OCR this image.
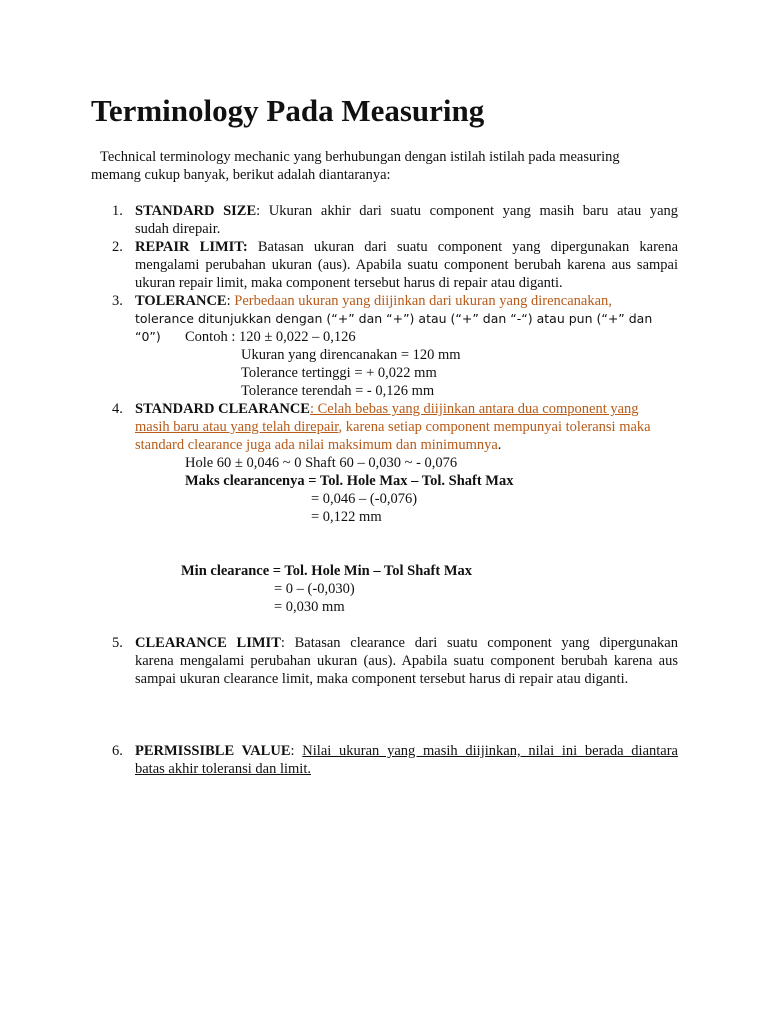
Terminology Pada Measuring

Technical terminology mechanic yang berhubungan dengan istilah istilah pada measuring

memang cukup banyak, berikut adalah diantaranya:

1. STANDARD SIZE: Ukuran akhir dari suatu component yang masih baru atau yang

sudah direpair.

2. REPAIR LIMIT: Batasan ukuran dari suatu component yang dipergunakan karena

mengalami perubahan ukuran (aus). Apabila suatu component berubah karena aus sampai

ukuran repair limit, maka component tersebut harus di repair atau diganti.

3. TOLERANCE: Perbedaan ukuran yang diijinkan dari ukuran yang direncanakan,

tolerance ditunjukkan dengan (“+” dan “+”) atau (“+” dan “-“) atau pun (“+” dan “0”)	Contoh : 120 ± 0,022 – 0,126

Ukuran yang direncanakan = 120 mm

Tolerance tertinggi = + 0,022 mm

Tolerance terendah = - 0,126 mm

4. STANDARD CLEARANCE: Celah bebas yang diijinkan antara dua component yang

masih baru atau yang telah direpair, karena setiap component mempunyai toleransi maka

standard clearance juga ada nilai maksimum dan minimumnya.

Hole 60 ± 0,046 ~ 0 Shaft 60 – 0,030 ~ - 0,076

Maks clearancenya = Tol. Hole Max – Tol. Shaft Max

= 0,046 – (-0,076)

= 0,122 mm

Min clearance = Tol. Hole Min – Tol Shaft Max

= 0 – (-0,030)

= 0,030 mm

5. CLEARANCE LIMIT: Batasan clearance dari suatu component yang dipergunakan

karena mengalami perubahan ukuran (aus). Apabila suatu component berubah karena aus

sampai ukuran clearance limit, maka component tersebut harus di repair atau diganti.

6. PERMISSIBLE VALUE: Nilai ukuran yang masih diijinkan, nilai ini berada diantara

batas akhir toleransi dan limit.
